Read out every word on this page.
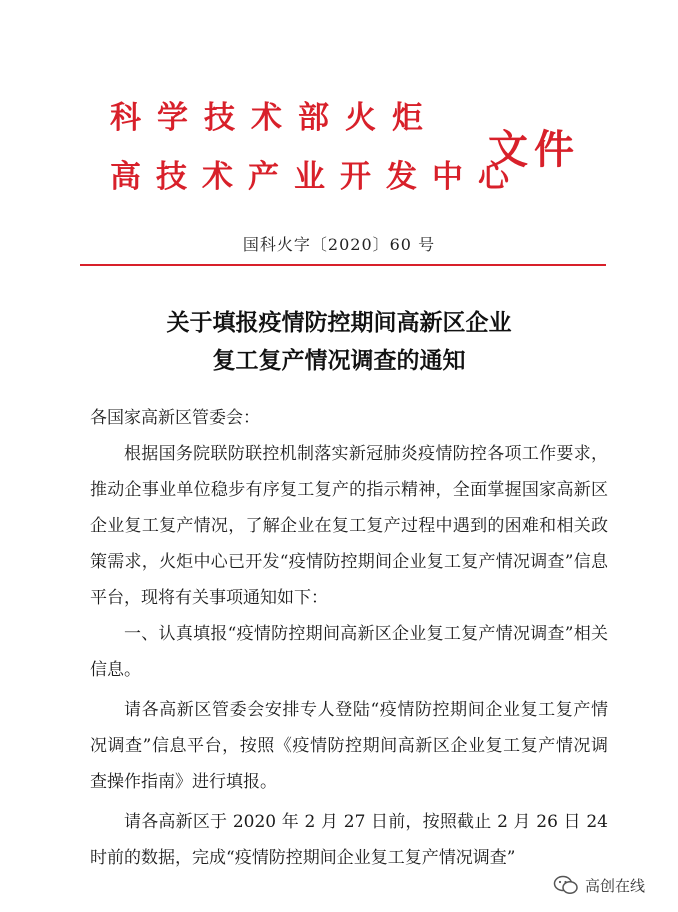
科学技术部火炬
高技术产业开发中心
文件
国科火字〔2020〕60 号
关于填报疫情防控期间高新区企业
复工复产情况调查的通知

各国家高新区管委会：

根据国务院联防联控机制落实新冠肺炎疫情防控各项工作要求，推动企事业单位稳步有序复工复产的指示精神，全面掌握国家高新区企业复工复产情况，了解企业在复工复产过程中遇到的困难和相关政策需求，火炬中心已开发“疫情防控期间企业复工复产情况调查”信息平台，现将有关事项通知如下：

一、认真填报“疫情防控期间高新区企业复工复产情况调查”相关信息。

请各高新区管委会安排专人登陆“疫情防控期间企业复工复产情况调查”信息平台，按照《疫情防控期间高新区企业复工复产情况调查操作指南》进行填报。

请各高新区于 2020 年 2 月 27 日前，按照截止 2 月 26 日 24 时前的数据，完成“疫情防控期间企业复工复产情况调查”

高创在线
